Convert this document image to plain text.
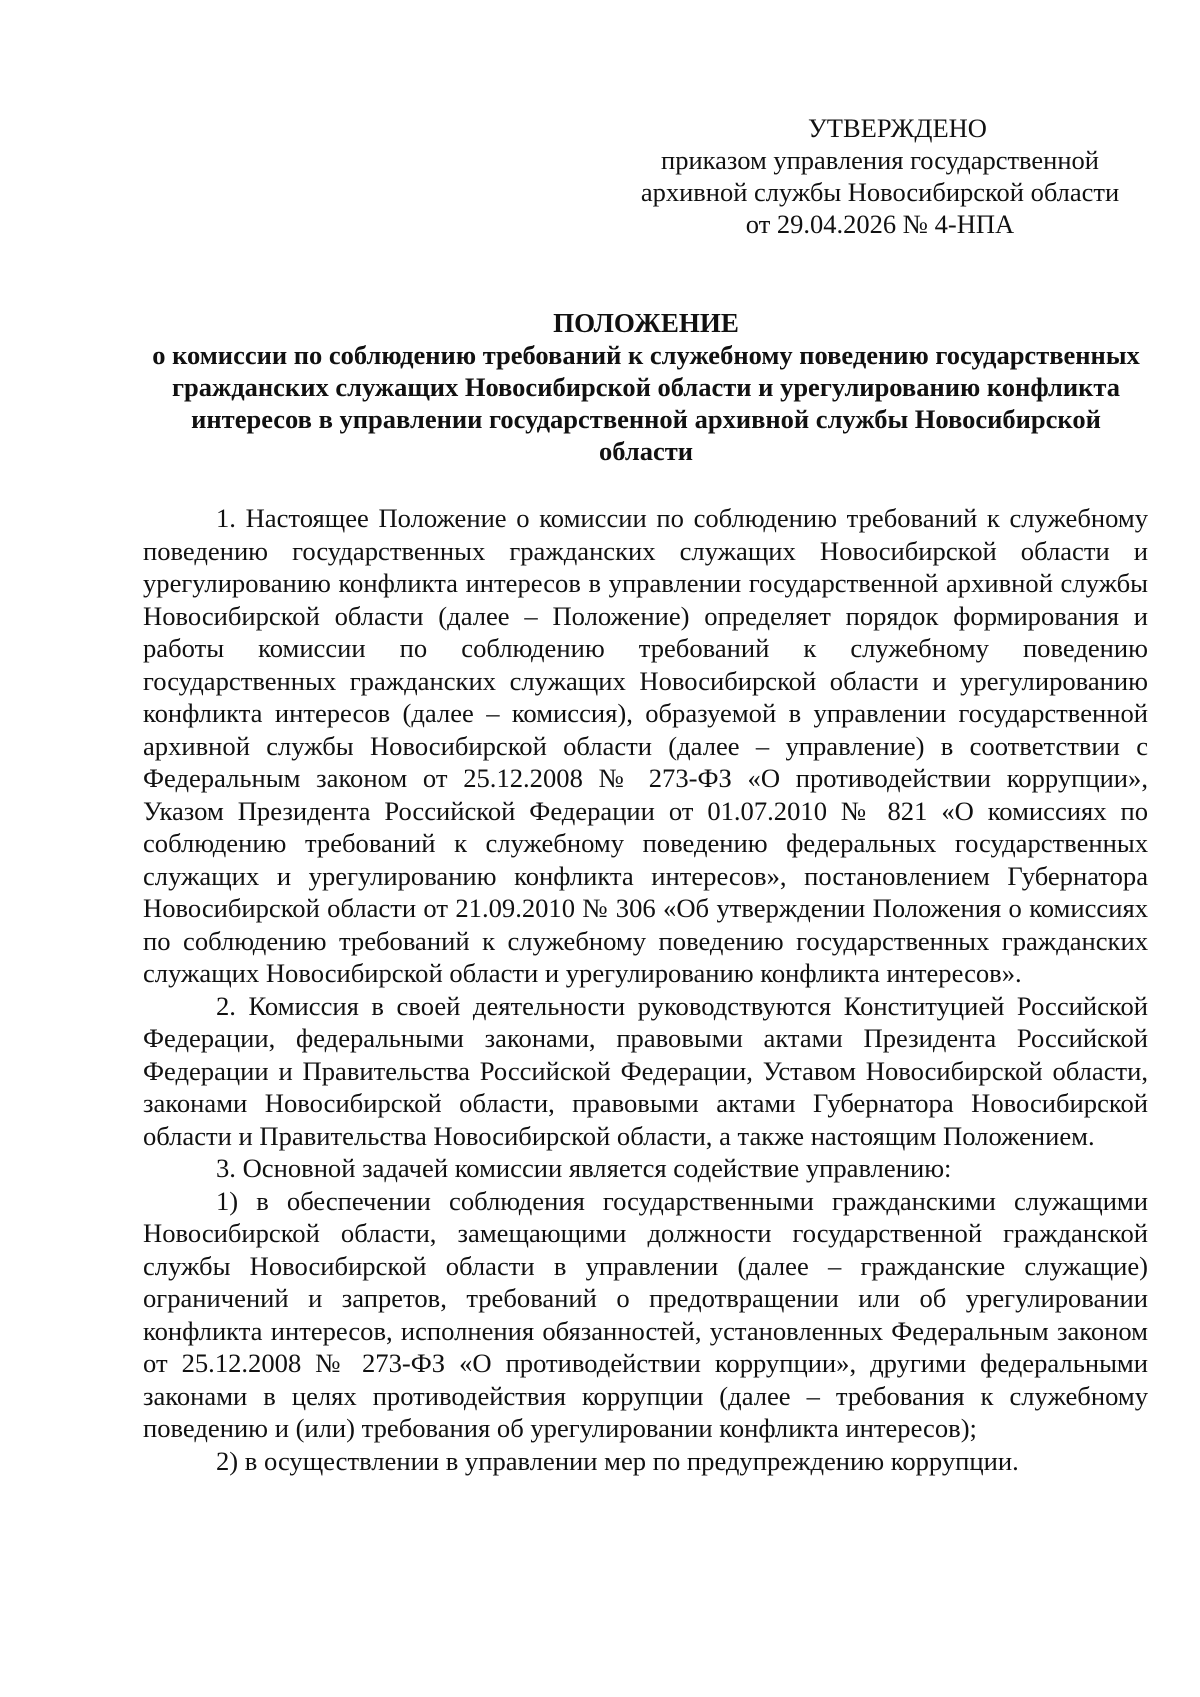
УТВЕРЖДЕНО
приказом управления государственной
архивной службы Новосибирской области
от 29.04.2026 № 4-НПА
ПОЛОЖЕНИЕ
о комиссии по соблюдению требований к служебному поведению государственных гражданских служащих Новосибирской области и урегулированию конфликта интересов в управлении государственной архивной службы Новосибирской области

1. Настоящее Положение о комиссии по соблюдению требований к служебному поведению государственных гражданских служащих Новосибирской области и урегулированию конфликта интересов в управлении государственной архивной службы Новосибирской области (далее – Положение) определяет порядок формирования и работы комиссии по соблюдению требований к служебному поведению государственных гражданских служащих Новосибирской области и урегулированию конфликта интересов (далее – комиссия), образуемой в управлении государственной архивной службы Новосибирской области (далее – управление) в соответствии с Федеральным законом от 25.12.2008 № 273-ФЗ «О противодействии коррупции», Указом Президента Российской Федерации от 01.07.2010 № 821 «О комиссиях по соблюдению требований к служебному поведению федеральных государственных служащих и урегулированию конфликта интересов», постановлением Губернатора Новосибирской области от 21.09.2010 № 306 «Об утверждении Положения о комиссиях по соблюдению требований к служебному поведению государственных гражданских служащих Новосибирской области и урегулированию конфликта интересов».

2. Комиссия в своей деятельности руководствуются Конституцией Российской Федерации, федеральными законами, правовыми актами Президента Российской Федерации и Правительства Российской Федерации, Уставом Новосибирской области, законами Новосибирской области, правовыми актами Губернатора Новосибирской области и Правительства Новосибирской области, а также настоящим Положением.

3. Основной задачей комиссии является содействие управлению:

1) в обеспечении соблюдения государственными гражданскими служащими Новосибирской области, замещающими должности государственной гражданской службы Новосибирской области в управлении (далее – гражданские служащие) ограничений и запретов, требований о предотвращении или об урегулировании конфликта интересов, исполнения обязанностей, установленных Федеральным законом от 25.12.2008 № 273-ФЗ «О противодействии коррупции», другими федеральными законами в целях противодействия коррупции (далее – требования к служебному поведению и (или) требования об урегулировании конфликта интересов);

2) в осуществлении в управлении мер по предупреждению коррупции.
